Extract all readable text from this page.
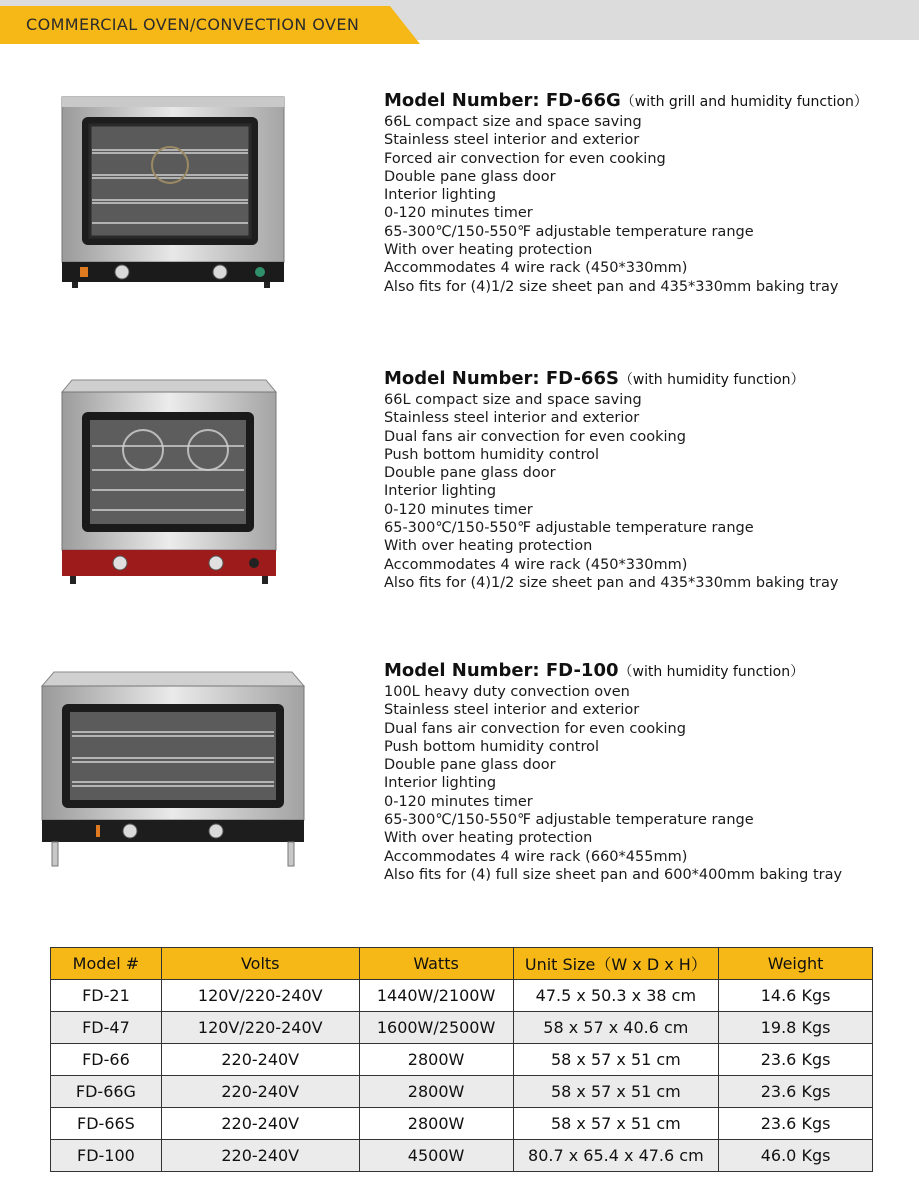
COMMERCIAL OVEN/CONVECTION OVEN
Model Number: FD-66G（with grill and humidity function）
66L compact size and space saving
Stainless steel interior and exterior
Forced air convection for even cooking
Double pane glass door
Interior lighting
0-120 minutes timer
65-300℃/150-550℉ adjustable temperature range
With over heating protection
Accommodates 4 wire rack (450*330mm)
Also fits for (4)1/2 size sheet pan and 435*330mm baking tray
Model Number: FD-66S（with humidity function）
66L compact size and space saving
Stainless steel interior and exterior
Dual fans air convection for even cooking
Push bottom humidity control
Double pane glass door
Interior lighting
0-120 minutes timer
65-300℃/150-550℉ adjustable temperature range
With over heating protection
Accommodates 4 wire rack (450*330mm)
Also fits for (4)1/2 size sheet pan and 435*330mm baking tray
Model Number: FD-100（with humidity function）
100L heavy duty convection oven
Stainless steel interior and exterior
Dual fans air convection for even cooking
Push bottom humidity control
Double pane glass door
Interior lighting
0-120 minutes timer
65-300℃/150-550℉ adjustable temperature range
With over heating protection
Accommodates 4 wire rack (660*455mm)
Also fits for (4) full size sheet pan and 600*400mm baking tray
Model #	Volts	Watts	Unit Size（W x D x H）	Weight
FD-21	120V/220-240V	1440W/2100W	47.5 x 50.3 x 38 cm	14.6 Kgs
FD-47	120V/220-240V	1600W/2500W	58 x 57 x 40.6 cm	19.8 Kgs
FD-66	220-240V	2800W	58 x 57 x 51 cm	23.6 Kgs
FD-66G	220-240V	2800W	58 x 57 x 51 cm	23.6 Kgs
FD-66S	220-240V	2800W	58 x 57 x 51 cm	23.6 Kgs
FD-100	220-240V	4500W	80.7 x 65.4 x 47.6 cm	46.0 Kgs
